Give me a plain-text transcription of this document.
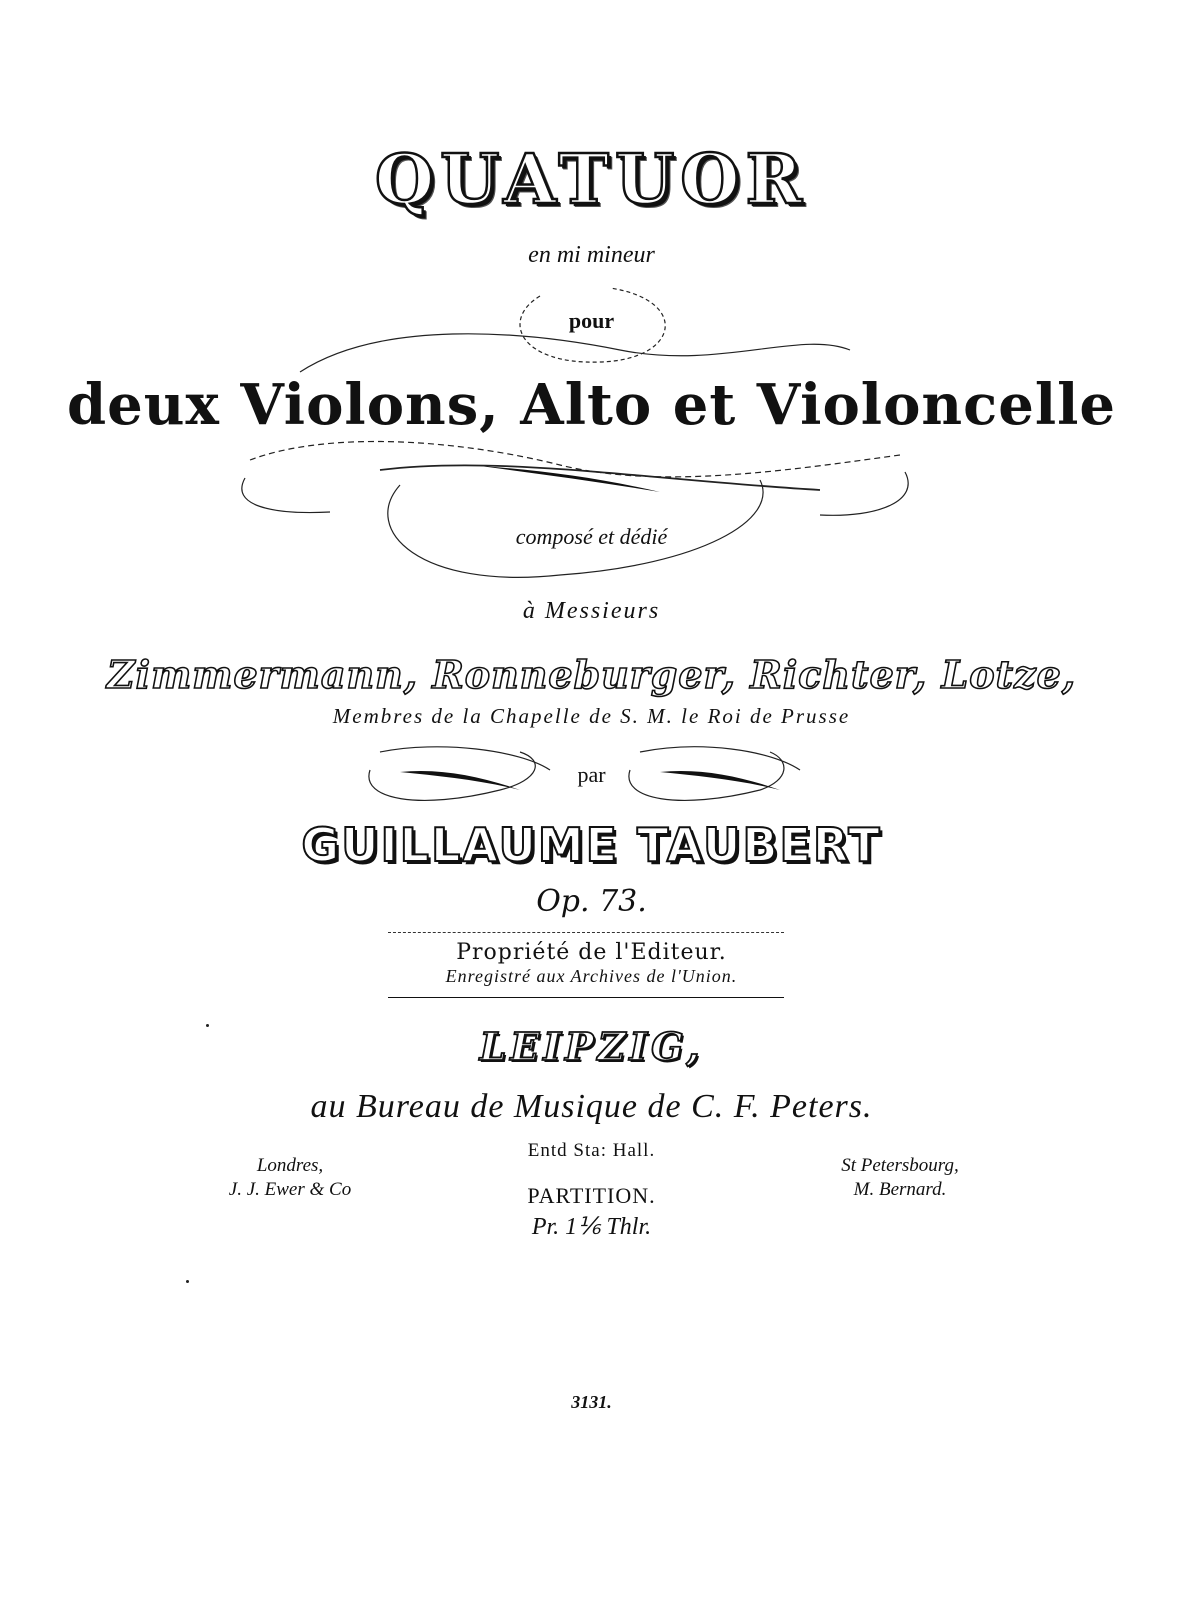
QUATUOR
en mi mineur
pour
deux Violons, Alto et Violoncelle
composé et dédié
à Messieurs
Zimmermann, Ronneburger, Richter, Lotze,
Membres de la Chapelle de S. M. le Roi de Prusse
par
GUILLAUME TAUBERT
Op. 73.
Propriété de l'Editeur.
Enregistré aux Archives de l'Union.
LEIPZIG,
au Bureau de Musique de C. F. Peters.
Entd Sta: Hall.
Londres,
J. J. Ewer & Co
St Petersbourg,
M. Bernard.
PARTITION.
Pr. 1⅙ Thlr.
3131.
